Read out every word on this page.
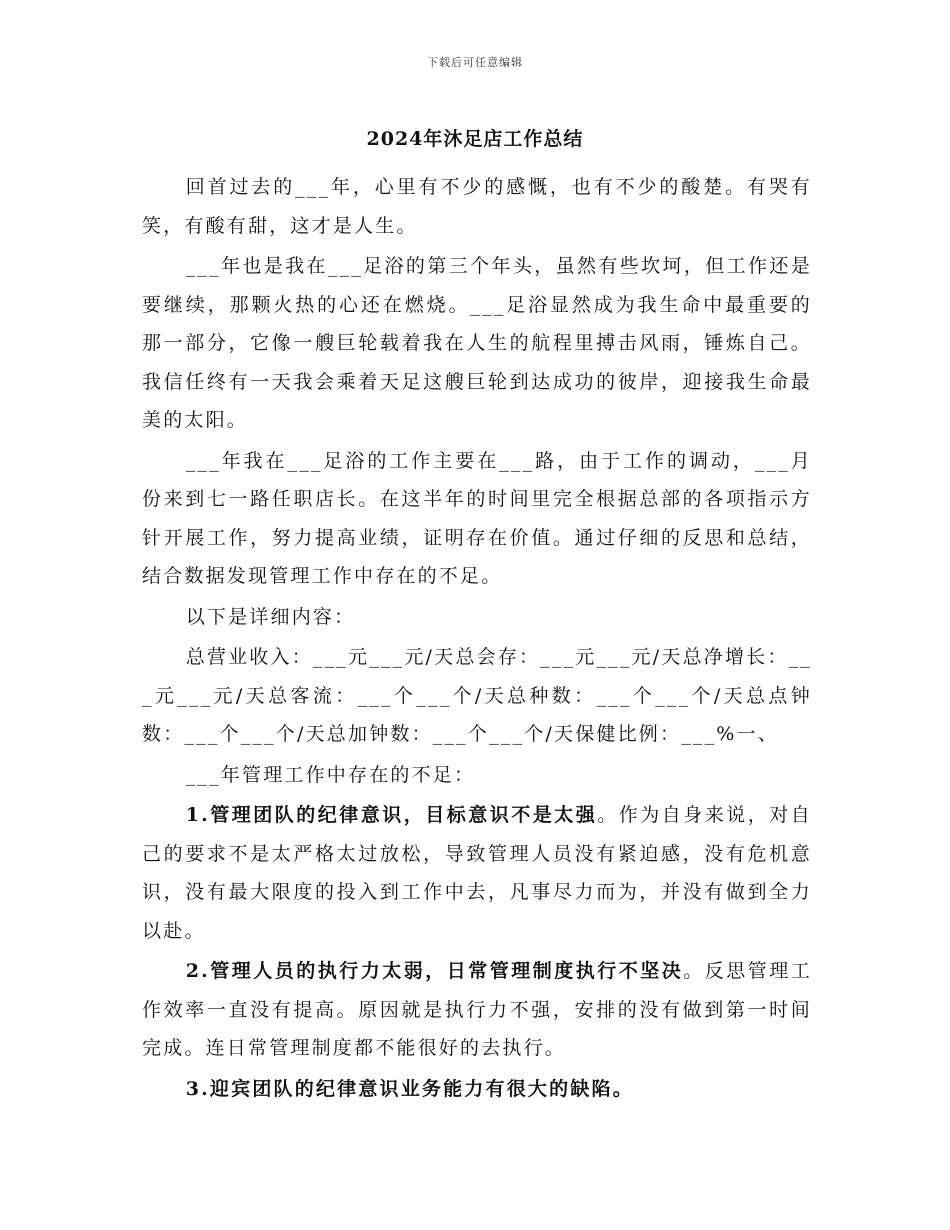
下载后可任意编辑
2024年沐足店工作总结

回首过去的___年，心里有不少的感慨，也有不少的酸楚。有哭有笑，有酸有甜，这才是人生。

___年也是我在___足浴的第三个年头，虽然有些坎坷，但工作还是要继续，那颗火热的心还在燃烧。___足浴显然成为我生命中最重要的那一部分，它像一艘巨轮载着我在人生的航程里搏击风雨，锤炼自己。我信任终有一天我会乘着天足这艘巨轮到达成功的彼岸，迎接我生命最美的太阳。

___年我在___足浴的工作主要在___路，由于工作的调动，___月份来到七一路任职店长。在这半年的时间里完全根据总部的各项指示方针开展工作，努力提高业绩，证明存在价值。通过仔细的反思和总结，结合数据发现管理工作中存在的不足。

以下是详细内容：

总营业收入：___元___元/天总会存：___元___元/天总净增长：___元___元/天总客流：___个___个/天总种数：___个___个/天总点钟数：___个___个/天总加钟数：___个___个/天保健比例：___%一、

___年管理工作中存在的不足：

1.管理团队的纪律意识，目标意识不是太强。作为自身来说，对自己的要求不是太严格太过放松，导致管理人员没有紧迫感，没有危机意识，没有最大限度的投入到工作中去，凡事尽力而为，并没有做到全力以赴。

2.管理人员的执行力太弱，日常管理制度执行不坚决。反思管理工作效率一直没有提高。原因就是执行力不强，安排的没有做到第一时间完成。连日常管理制度都不能很好的去执行。

3.迎宾团队的纪律意识业务能力有很大的缺陷。
